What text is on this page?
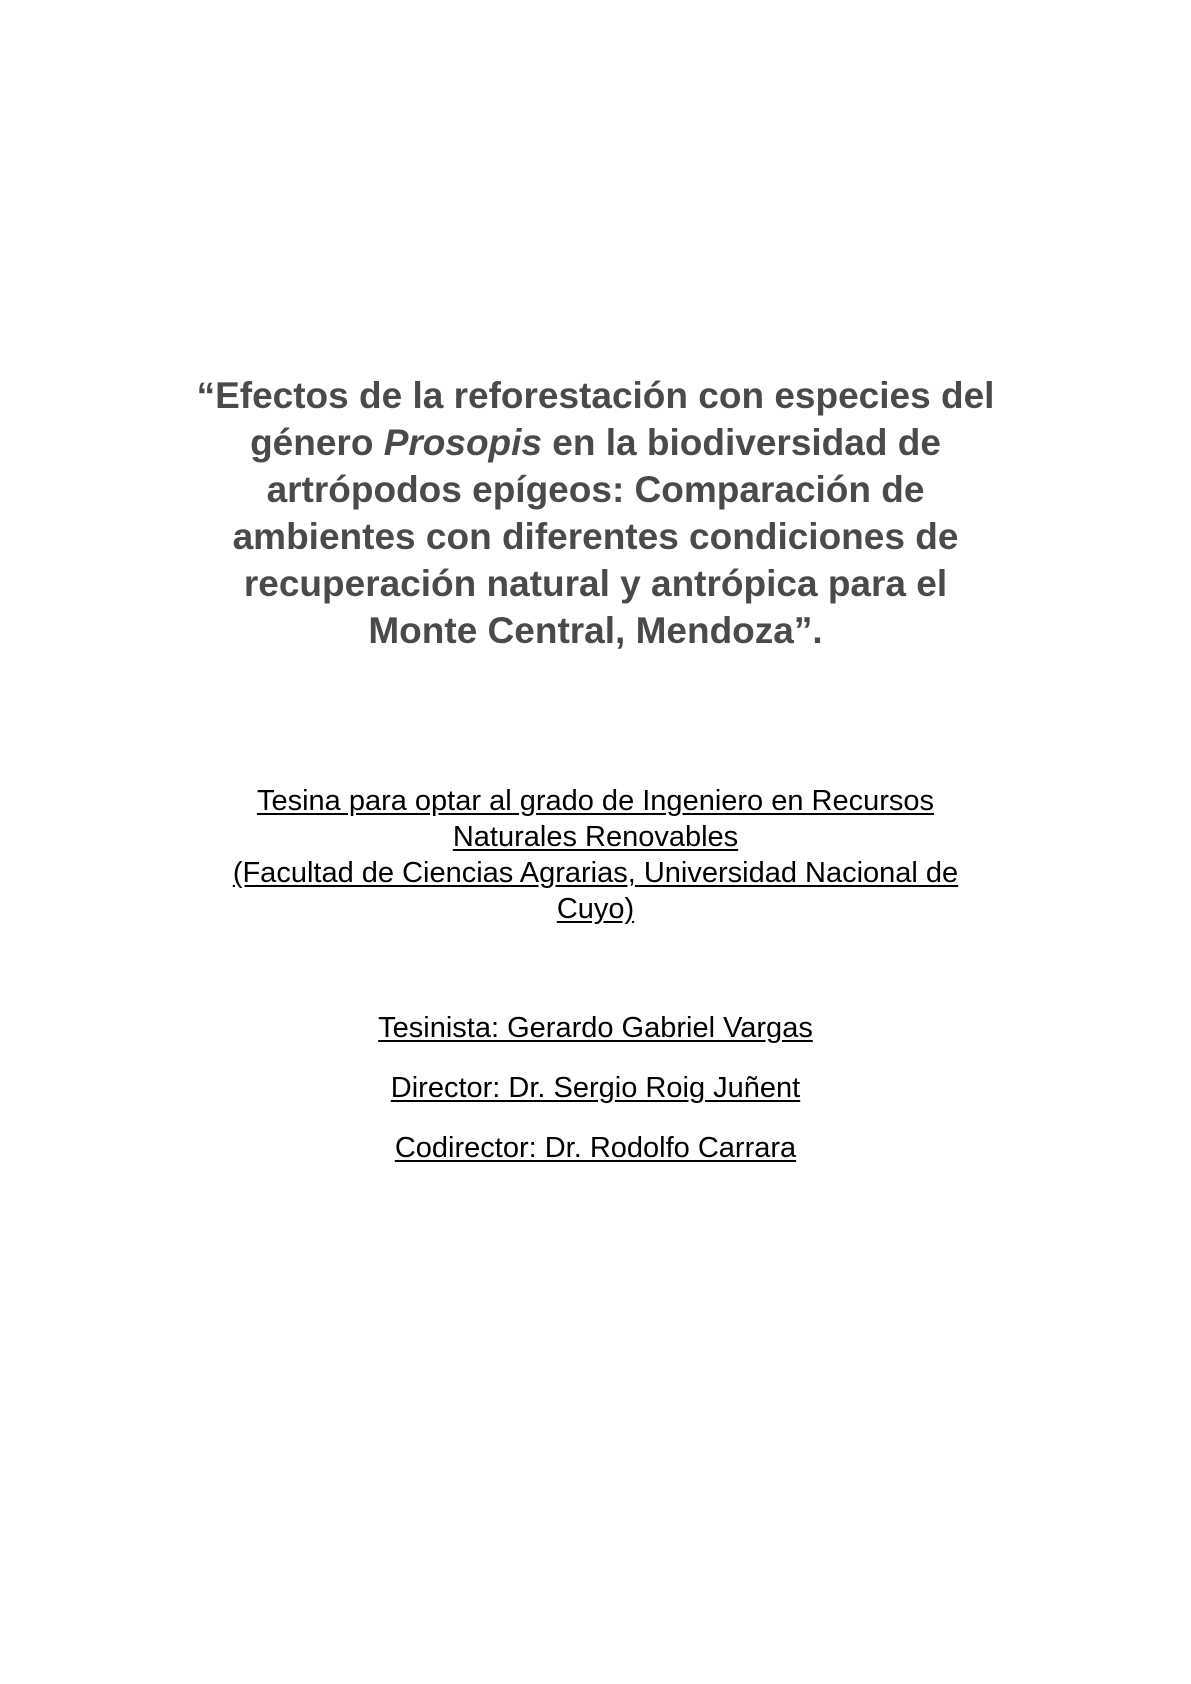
“Efectos de la reforestación con especies del
género Prosopis en la biodiversidad de
artrópodos epígeos: Comparación de
ambientes con diferentes condiciones de
recuperación natural y antrópica para el
Monte Central, Mendoza”.
Tesina para optar al grado de Ingeniero en Recursos
Naturales Renovables
(Facultad de Ciencias Agrarias, Universidad Nacional de
Cuyo)
Tesinista: Gerardo Gabriel Vargas
Director: Dr. Sergio Roig Juñent
Codirector: Dr. Rodolfo Carrara
